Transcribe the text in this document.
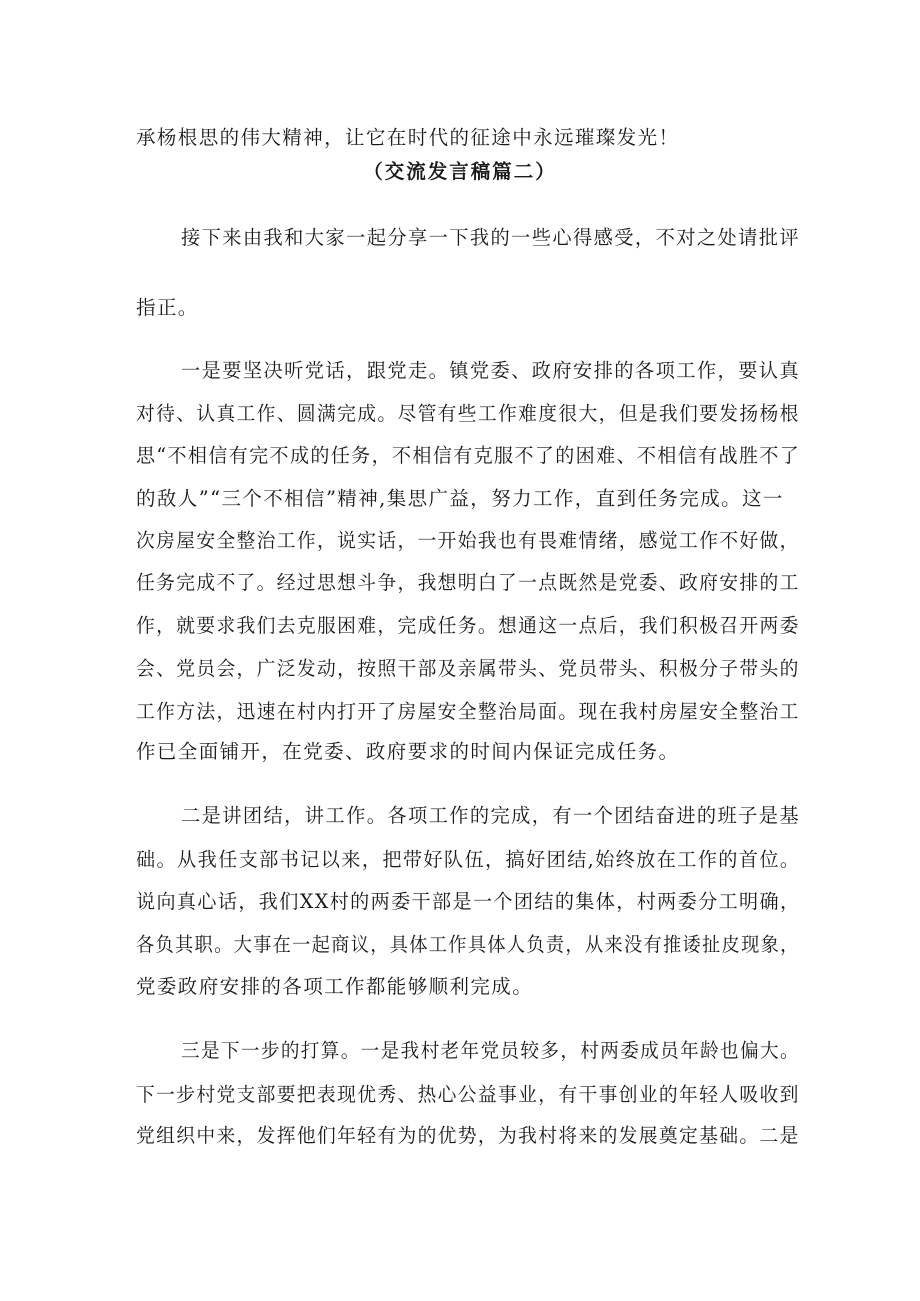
承杨根思的伟大精神，让它在时代的征途中永远璀璨发光！
（交流发言稿篇二）
接下来由我和大家一起分享一下我的一些心得感受，不对之处请批评
指正。
一是要坚决听党话，跟党走。镇党委、政府安排的各项工作，要认真
对待、认真工作、圆满完成。尽管有些工作难度很大，但是我们要发扬杨根
思“不相信有完不成的任务，不相信有克服不了的困难、不相信有战胜不了
的敌人”“三个不相信”精神,集思广益，努力工作，直到任务完成。这一
次房屋安全整治工作，说实话，一开始我也有畏难情绪，感觉工作不好做，
任务完成不了。经过思想斗争，我想明白了一点既然是党委、政府安排的工
作，就要求我们去克服困难，完成任务。想通这一点后，我们积极召开两委
会、党员会，广泛发动，按照干部及亲属带头、党员带头、积极分子带头的
工作方法，迅速在村内打开了房屋安全整治局面。现在我村房屋安全整治工
作已全面铺开，在党委、政府要求的时间内保证完成任务。
二是讲团结，讲工作。各项工作的完成，有一个团结奋进的班子是基
础。从我任支部书记以来，把带好队伍，搞好团结,始终放在工作的首位。
说向真心话，我们XX村的两委干部是一个团结的集体，村两委分工明确，
各负其职。大事在一起商议，具体工作具体人负责，从来没有推诿扯皮现象，
党委政府安排的各项工作都能够顺利完成。
三是下一步的打算。一是我村老年党员较多，村两委成员年龄也偏大。
下一步村党支部要把表现优秀、热心公益事业，有干事创业的年轻人吸收到
党组织中来，发挥他们年轻有为的优势，为我村将来的发展奠定基础。二是
